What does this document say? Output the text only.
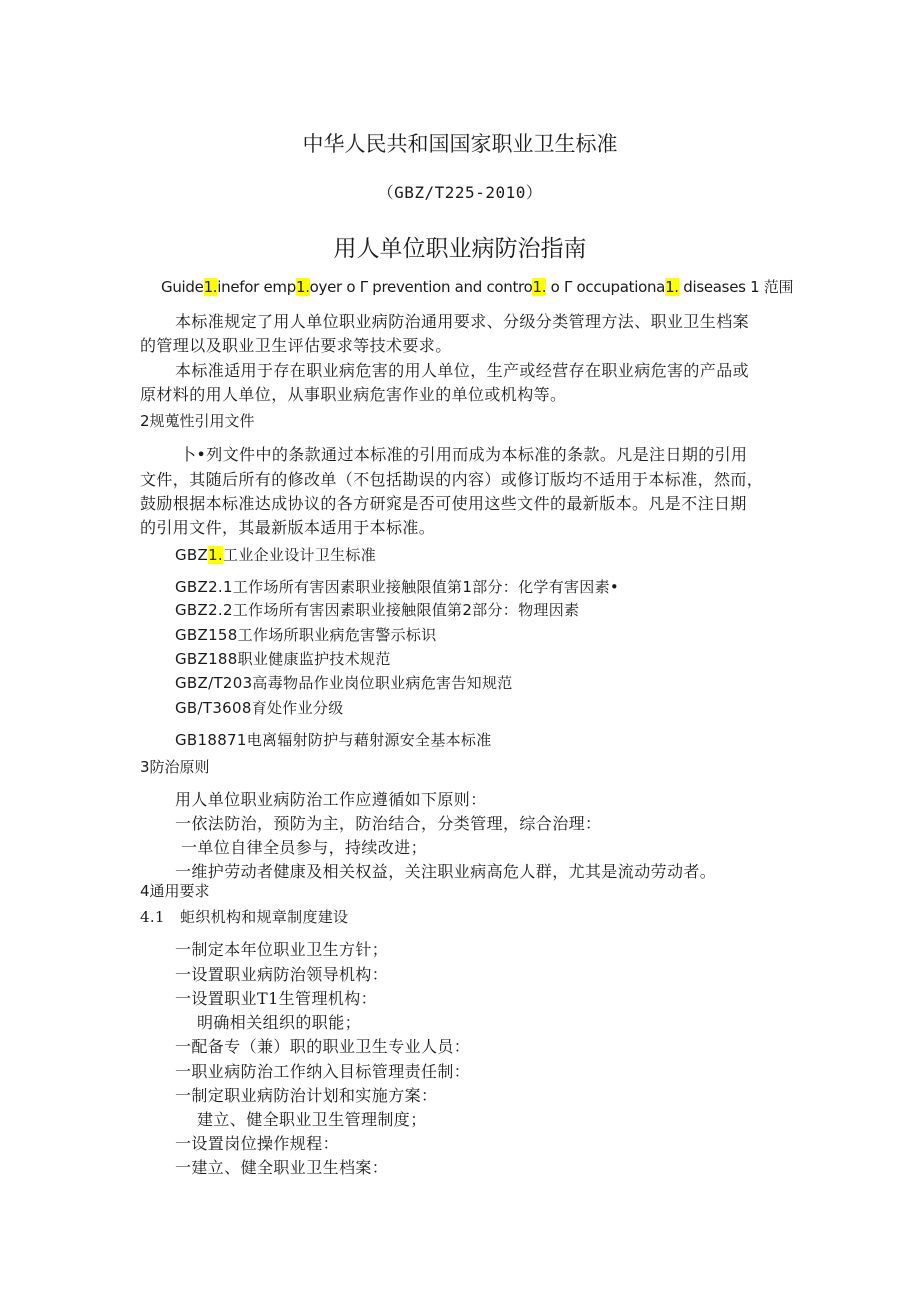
中华人民共和国国家职业卫生标准
（GBZ/T225-2010）
用人单位职业病防治指南
Guide1.inefor emp1.oyer o Γ prevention and contro1. o Γ occupationa1. diseases 1 范围
本标准规定了用人单位职业病防治通用要求、分级分类管理方法、职业卫生档案
的管理以及职业卫生评估要求等技术要求。
本标准适用于存在职业病危害的用人单位，生产或经营存在职业病危害的产品或
原材料的用人单位，从事职业病危害作业的单位或机构等。
2规蒐性引用文件
卜•列文件中的条款通过本标准的引用而成为本标准的条款。凡是注日期的引用
文件，其随后所有的修改单（不包括勘误的内容）或修订版均不适用于本标准，然而，
鼓励根据本标准达成协议的各方研窕是否可使用这些文件的最新版本。凡是不注日期
的引用文件，其最新版本适用于本标准。
GBZ1.工业企业设计卫生标准
GBZ2.1工作场所有害因素职业接触限值第1部分：化学有害因素•
GBZ2.2工作场所有害因素职业接触限值第2部分：物理因素
GBZ158工作场所职业病危害警示标识
GBZ188职业健康监护技术规范
GBZ/T203高毒物品作业岗位职业病危害告知规范
GB/T3608育处作业分级
GB18871电离辐射防护与藉射源安全基本标准
3防治原则
用人单位职业病防治工作应遵循如下原则：
一依法防治，预防为主，防治结合，分类管理，综合治理：
一单位自律全员参与，持续改进；
一维护劳动者健康及相关权益，关注职业病高危人群，尤其是流动劳动者。
4通用要求
4.1　蚷织机构和规章制度建设
一制定本年位职业卫生方针；
一设置职业病防治领导机构：
一设置职业T1生管理机构：
明确相关组织的职能；
一配备专（兼）职的职业卫生专业人员：
一职业病防治工作纳入目标管理责任制：
一制定职业病防治计划和实施方案：
建立、健全职业卫生管理制度；
一设置岗位操作规程：
一建立、健全职业卫生档案：
